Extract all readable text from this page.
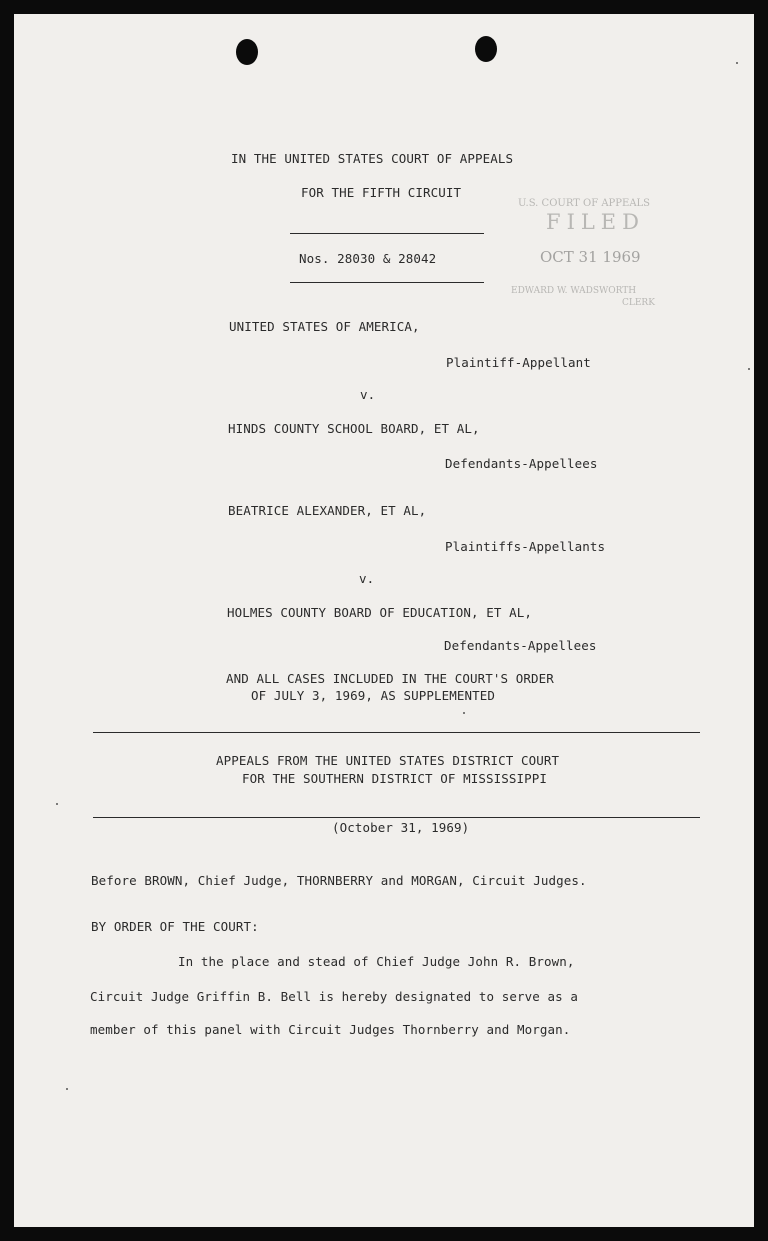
IN THE UNITED STATES COURT OF APPEALS
FOR THE FIFTH CIRCUIT
Nos. 28030 & 28042
U.S. COURT OF APPEALS
FILED
OCT 31 1969
EDWARD W. WADSWORTH
CLERK
UNITED STATES OF AMERICA,
Plaintiff-Appellant
v.
HINDS COUNTY SCHOOL BOARD, ET AL,
Defendants-Appellees
BEATRICE ALEXANDER, ET AL,
Plaintiffs-Appellants
v.
HOLMES COUNTY BOARD OF EDUCATION, ET AL,
Defendants-Appellees
AND ALL CASES INCLUDED IN THE COURT'S ORDER
OF JULY 3, 1969, AS SUPPLEMENTED
APPEALS FROM THE UNITED STATES DISTRICT COURT
FOR THE SOUTHERN DISTRICT OF MISSISSIPPI
(October 31, 1969)
Before BROWN, Chief Judge, THORNBERRY and MORGAN, Circuit Judges.
BY ORDER OF THE COURT:
In the place and stead of Chief Judge John R. Brown,
Circuit Judge Griffin B. Bell is hereby designated to serve as a
member of this panel with Circuit Judges Thornberry and Morgan.
